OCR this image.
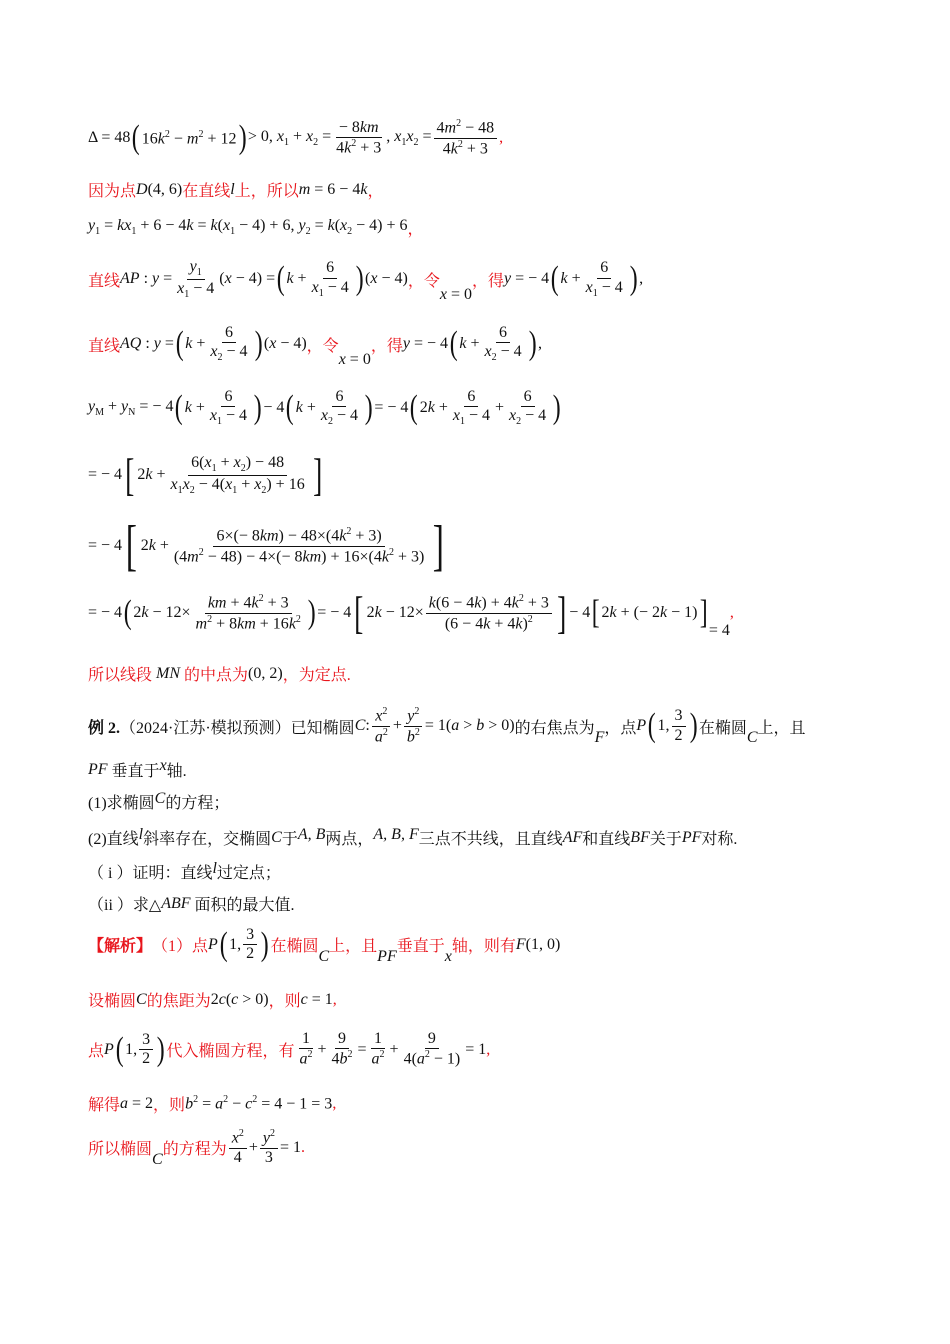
Δ = 48 ( $16k^2 - m^2 + 12$ ) > 0, $x_1 + x_2 = \frac{- 8km}{4k^2 + 3}$ , $x_1x_2 = \frac{4m^2 - 48}{4k^2 + 3}$ ,
因为点 D (4, 6) 在直线 l 上，所以 m = 6 − 4k ，
$y_1 = kx_1 + 6 - 4k = k(x_1 - 4) + 6$, $y_2 = k(x_2 - 4) + 6$ ，
直线 AP : $y = \frac{y_1}{x_1 - 4} (x - 4)$ = ( $k + \frac{6}{x_1 - 4}$ ) (x − 4) ，令
x = 0
，得 y = − 4 ( $k + \frac{6}{x_1 - 4}$ ) ,
直线 AQ : y = ( $k + \frac{6}{x_2 - 4}$ ) (x − 4) ，令
x = 0
，得 y = − 4 ( $k + \frac{6}{x_2 - 4}$ ) ,
$y_M + y_N$ = − 4 ( $k + \frac{6}{x_1 - 4}$ ) − 4 ( $k + \frac{6}{x_2 - 4}$ ) = − 4 ( $2k + \frac{6}{x_1 - 4} + \frac{6}{x_2 - 4}$ )
= − 4 [ $2k + \frac{6(x_1 + x_2) - 48}{x_1x_2 - 4(x_1 + x_2) + 16}$ ]
= − 4 [ $2k + \frac{6\times(- 8km) - 48\times(4k^2 + 3)}{(4m^2 - 48) - 4\times(- 8km) + 16\times(4k^2 + 3)}$ ]
= − 4 ( $2k - 12\times \frac{km + 4k^2 + 3}{m^2 + 8km + 16k^2}$ ) = − 4 [ $2k - 12\times \frac{k(6 - 4k) + 4k^2 + 3}{(6 - 4k + 4k)^2}$ ] − 4 [ 2k + (− 2k − 1) ] = 4
,
所以线段 MN 的中点为 (0, 2) ，为定点.
例 2. （2024·江苏·模拟预测）已知椭圆 C : $\frac{x^2}{a^2} + \frac{y^2}{b^2} = 1(a > b > 0)$ 的右焦点为
F
，点 P ( 1, $\frac{3}{2}$ ) 在椭圆
C
上，且
PF
垂直于 x 轴.
(1)求椭圆 C 的方程；
(2)直线 l 斜率存在，交椭圆 C 于 A, B 两点， A, B, F 三点不共线，且直线 AF 和直线 BF 关于 PF 对称.
（ i ）证明：直线 l 过定点；
（ii ）求△ ABF
面积的最大值.
【解析】 （1）点 P ( 1, $\frac{3}{2}$ ) 在椭圆
C
上，且
PF
垂直于
x
轴，则有 F(1, 0)
设椭圆 C 的焦距为 2c(c > 0) ，则 c = 1 ,
点 P ( 1, $\frac{3}{2}$ ) 代入椭圆方程，有 $\frac{1}{a^2} + \frac{9}{4b^2} = \frac{1}{a^2} + \frac{9}{4(a^2 - 1)} = 1$ ,
解得 a = 2 ，则 $b^2 = a^2 - c^2 = 4 - 1 = 3$ ,
所以椭圆
C
的方程为 $\frac{x^2}{4} + \frac{y^2}{3} = 1$ .
